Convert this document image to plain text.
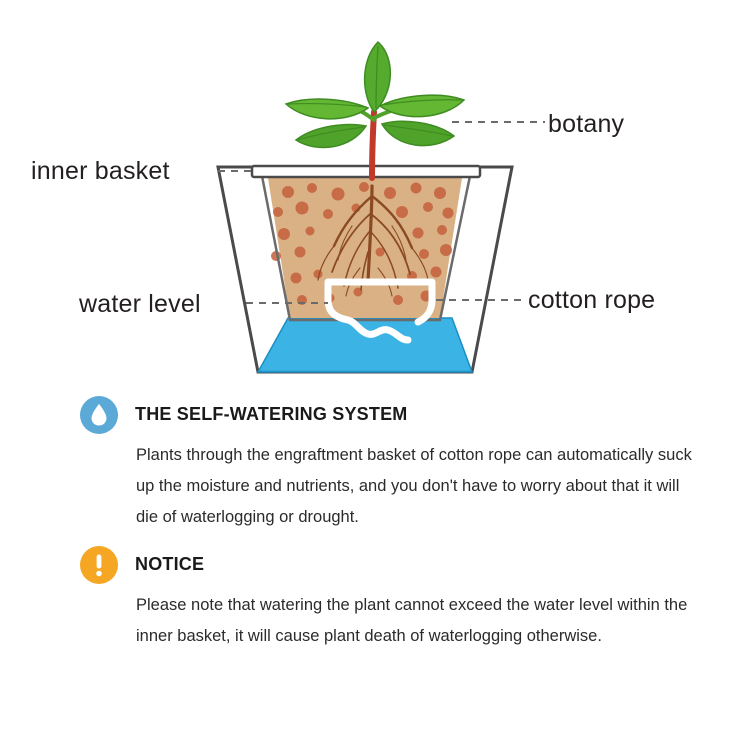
botany
inner basket
water level	cotton rope
THE SELF-WATERING SYSTEM

Plants through the engraftment basket of cotton rope can automatically suck up the moisture and nutrients, and you don't have to worry about that it will die of waterlogging or drought.

NOTICE

Please note that watering the plant cannot exceed the water level within the inner basket, it will cause plant death of waterlogging otherwise.
